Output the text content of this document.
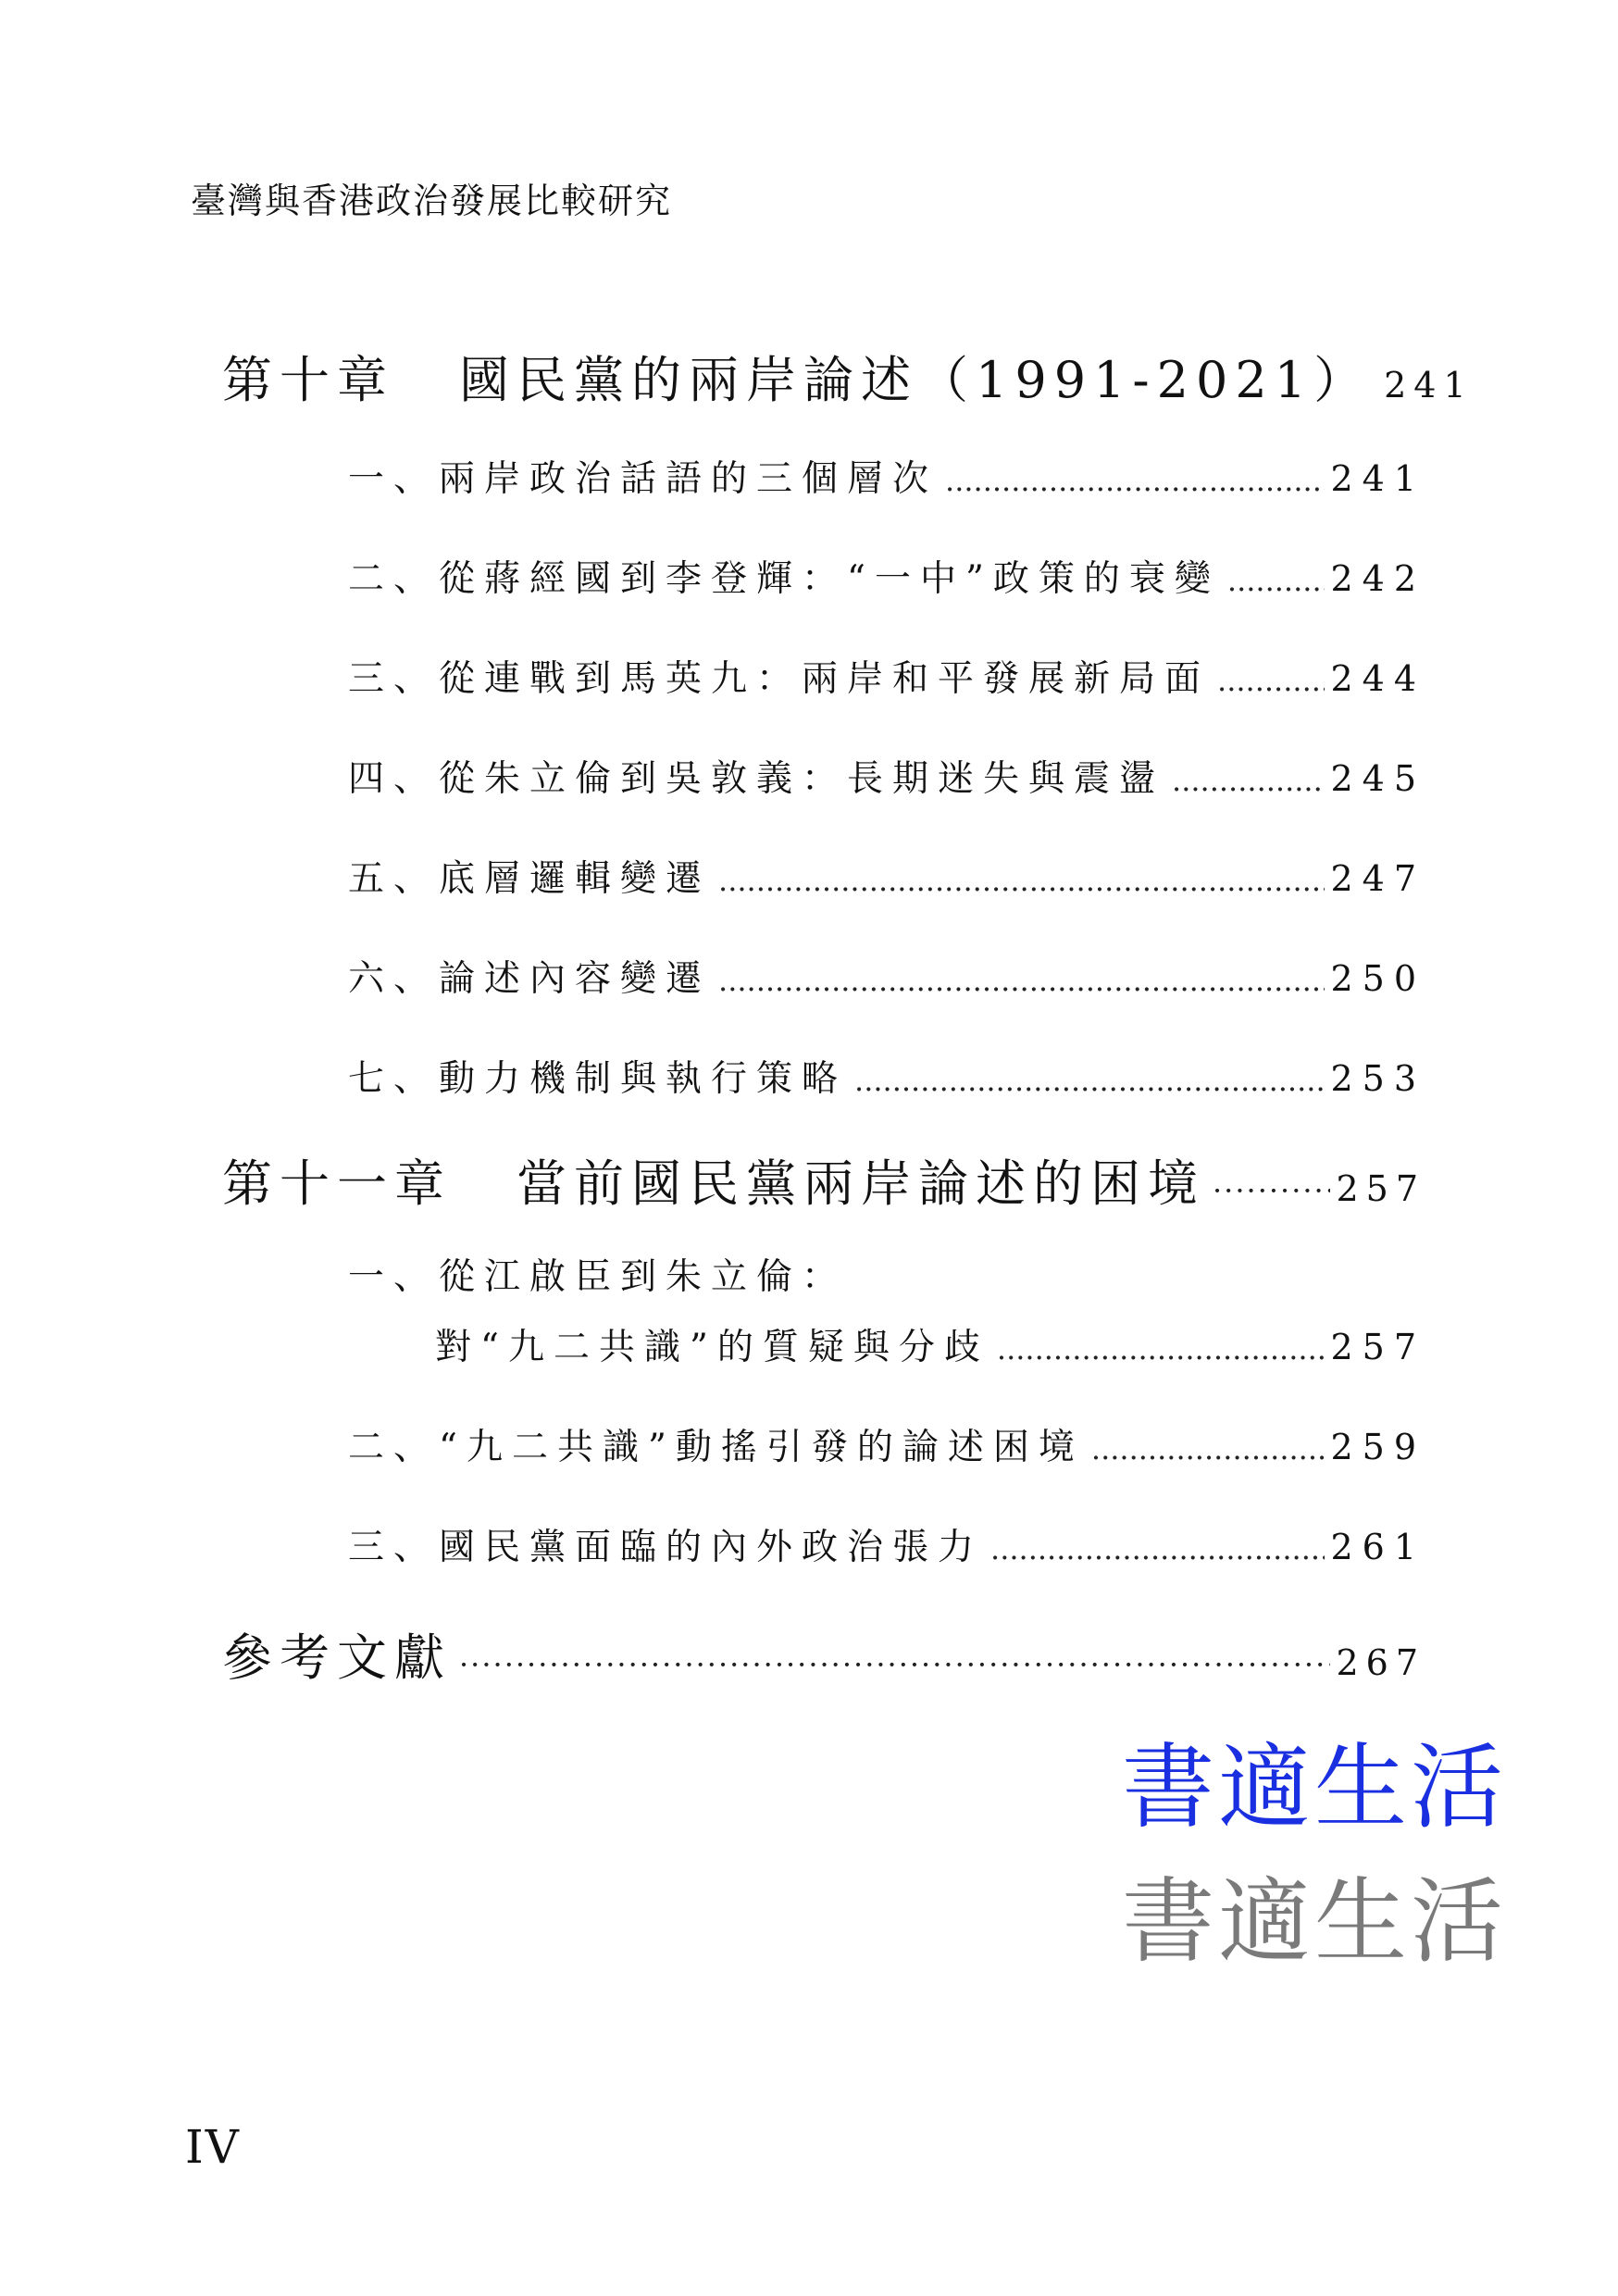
臺灣與香港政治發展比較研究
第十章 國民黨的兩岸論述（1991-2021） 241
一、兩岸政治話語的三個層次 .....	241
二、從蔣經國到李登輝：“一中”政策的衰變 .....	242
三、從連戰到馬英九：兩岸和平發展新局面 .....	244
四、從朱立倫到吳敦義：長期迷失與震盪 .....	245
五、底層邏輯變遷 .....	247
六、論述內容變遷 .....	250
七、動力機制與執行策略 .....	253
第十一章 當前國民黨兩岸論述的困境 ·····	257
一、從江啟臣到朱立倫：
對“九二共識”的質疑與分歧 .....	257
二、“九二共識”動搖引發的論述困境 .....	259
三、國民黨面臨的內外政治張力 .....	261
參考文獻 ·····	267
書適生活
書適生活
IV
